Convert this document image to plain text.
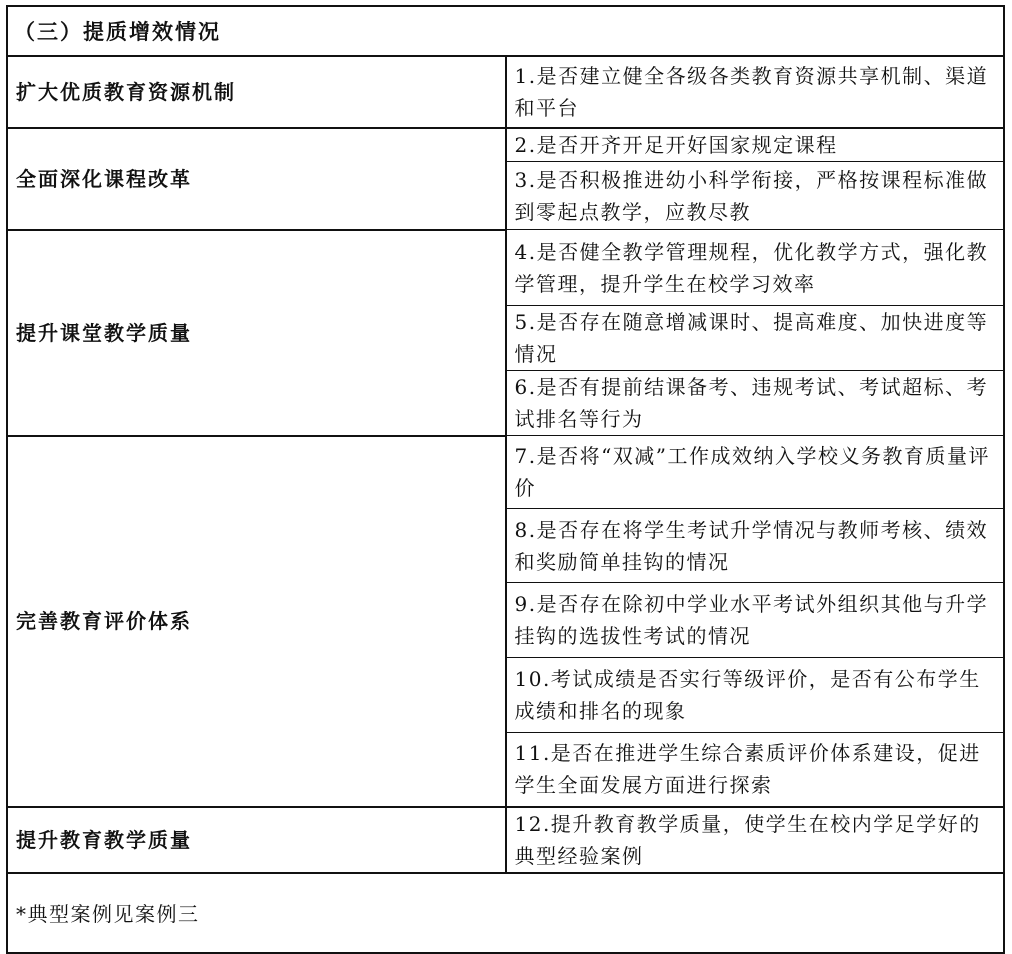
（三）提质增效情况	
扩大优质教育资源机制	1.是否建立健全各级各类教育资源共享机制、渠道和平台
全面深化课程改革	2.是否开齐开足开好国家规定课程
	3.是否积极推进幼小科学衔接，严格按课程标准做到零起点教学，应教尽教
提升课堂教学质量	4.是否健全教学管理规程，优化教学方式，强化教学管理，提升学生在校学习效率
	5.是否存在随意增减课时、提高难度、加快进度等情况
	6.是否有提前结课备考、违规考试、考试超标、考试排名等行为
完善教育评价体系	7.是否将“双减”工作成效纳入学校义务教育质量评价
	8.是否存在将学生考试升学情况与教师考核、绩效和奖励简单挂钩的情况
	9.是否存在除初中学业水平考试外组织其他与升学挂钩的选拔性考试的情况
	10.考试成绩是否实行等级评价，是否有公布学生成绩和排名的现象
	11.是否在推进学生综合素质评价体系建设，促进学生全面发展方面进行探索
提升教育教学质量	12.提升教育教学质量，使学生在校内学足学好的典型经验案例
*典型案例见案例三	
